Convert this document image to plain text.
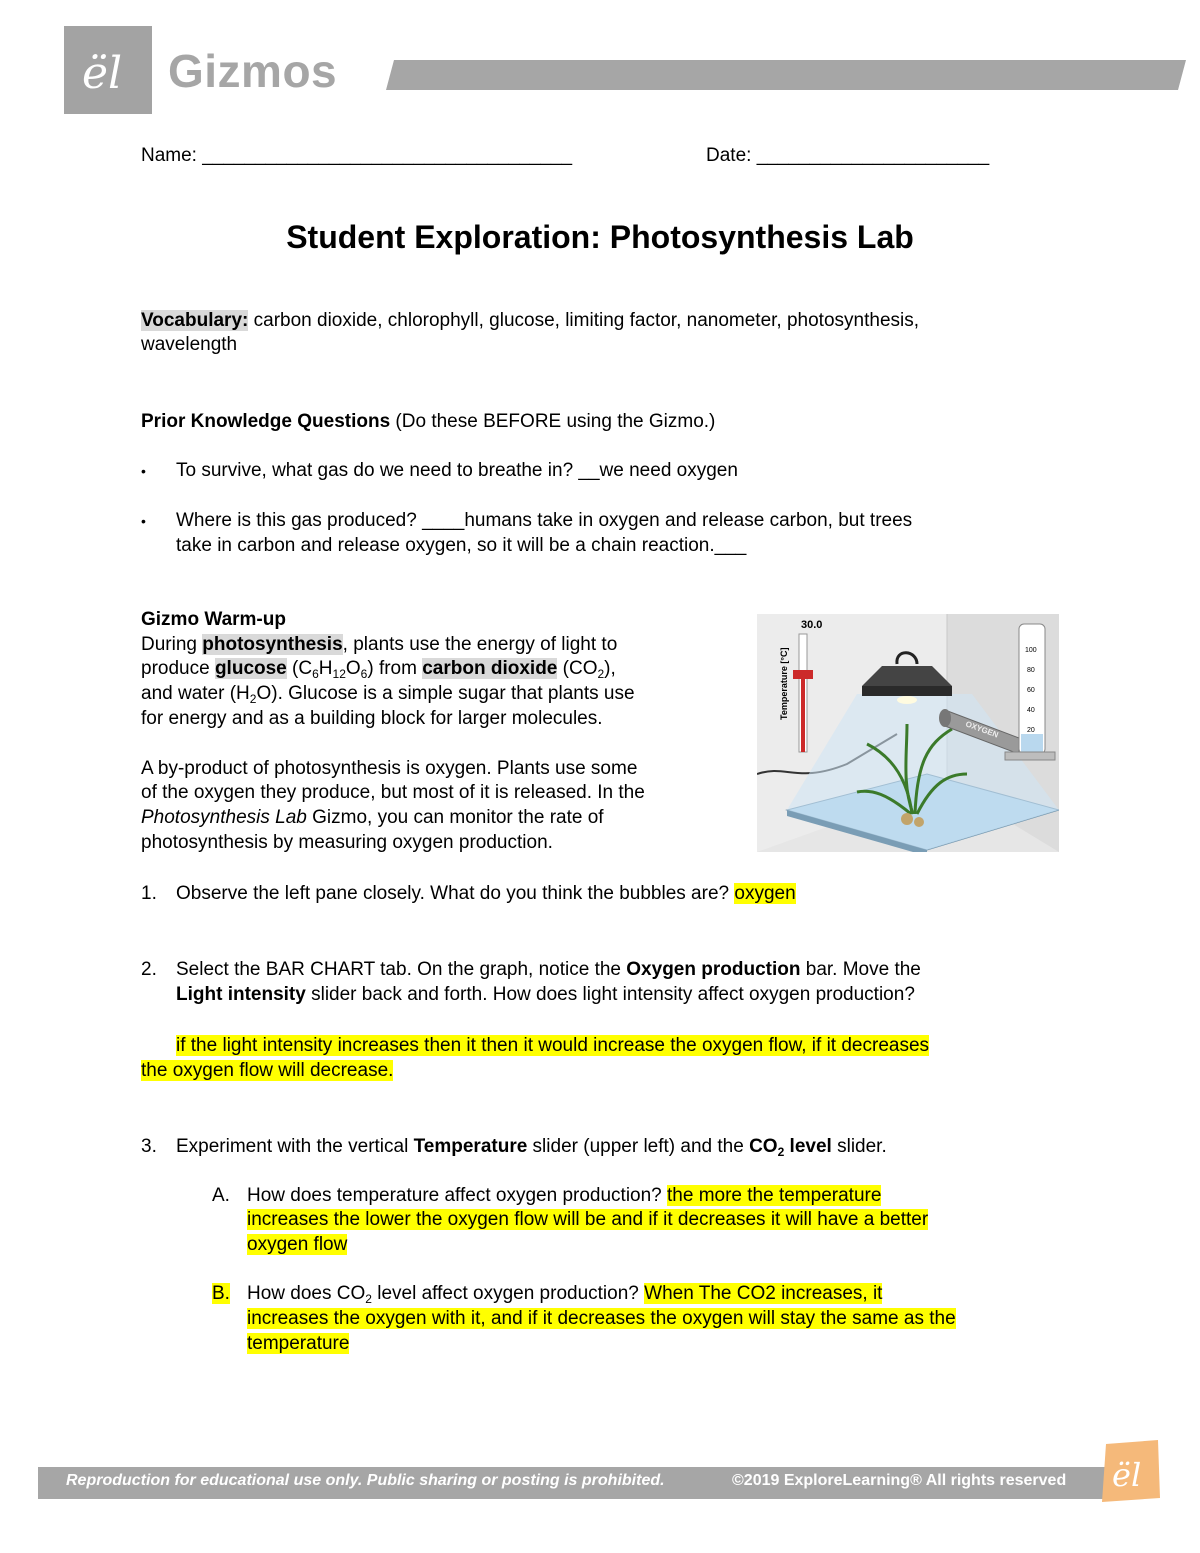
ël Gizmos
Name: ___________________________________	Date: ______________________
Student Exploration: Photosynthesis Lab
Vocabulary: carbon dioxide, chlorophyll, glucose, limiting factor, nanometer, photosynthesis,
wavelength
Prior Knowledge Questions (Do these BEFORE using the Gizmo.)
• To survive, what gas do we need to breathe in? __we need oxygen
• Where is this gas produced? ____humans take in oxygen and release carbon, but trees
take in carbon and release oxygen, so it will be a chain reaction.___
Gizmo Warm-up
During photosynthesis, plants use the energy of light to
produce glucose $(C_6H_{12}O_6)$ from carbon dioxide $(CO_2)$,
and water $(H_2O)$. Glucose is a simple sugar that plants use
for energy and as a building block for larger molecules.
A by-product of photosynthesis is oxygen. Plants use some
of the oxygen they produce, but most of it is released. In the
Photosynthesis Lab Gizmo, you can monitor the rate of
photosynthesis by measuring oxygen production.
30.0
Temperature [°C]
OXYGEN
100
80
60
40
20
1. Observe the left pane closely. What do you think the bubbles are? oxygen
2. Select the BAR CHART tab. On the graph, notice the Oxygen production bar. Move the
Light intensity slider back and forth. How does light intensity affect oxygen production?
if the light intensity increases then it then it would increase the oxygen flow, if it decreases
the oxygen flow will decrease.
3. Experiment with the vertical Temperature slider (upper left) and the $CO_2$ level slider.
A. How does temperature affect oxygen production? the more the temperature
increases the lower the oxygen flow will be and if it decreases it will have a better
oxygen flow
B. How does $CO_2$ level affect oxygen production? When The CO2 increases, it
increases the oxygen with it, and if it decreases the oxygen will stay the same as the
temperature
Reproduction for educational use only. Public sharing or posting is prohibited.	©2019 ExploreLearning® All rights reserved ël
